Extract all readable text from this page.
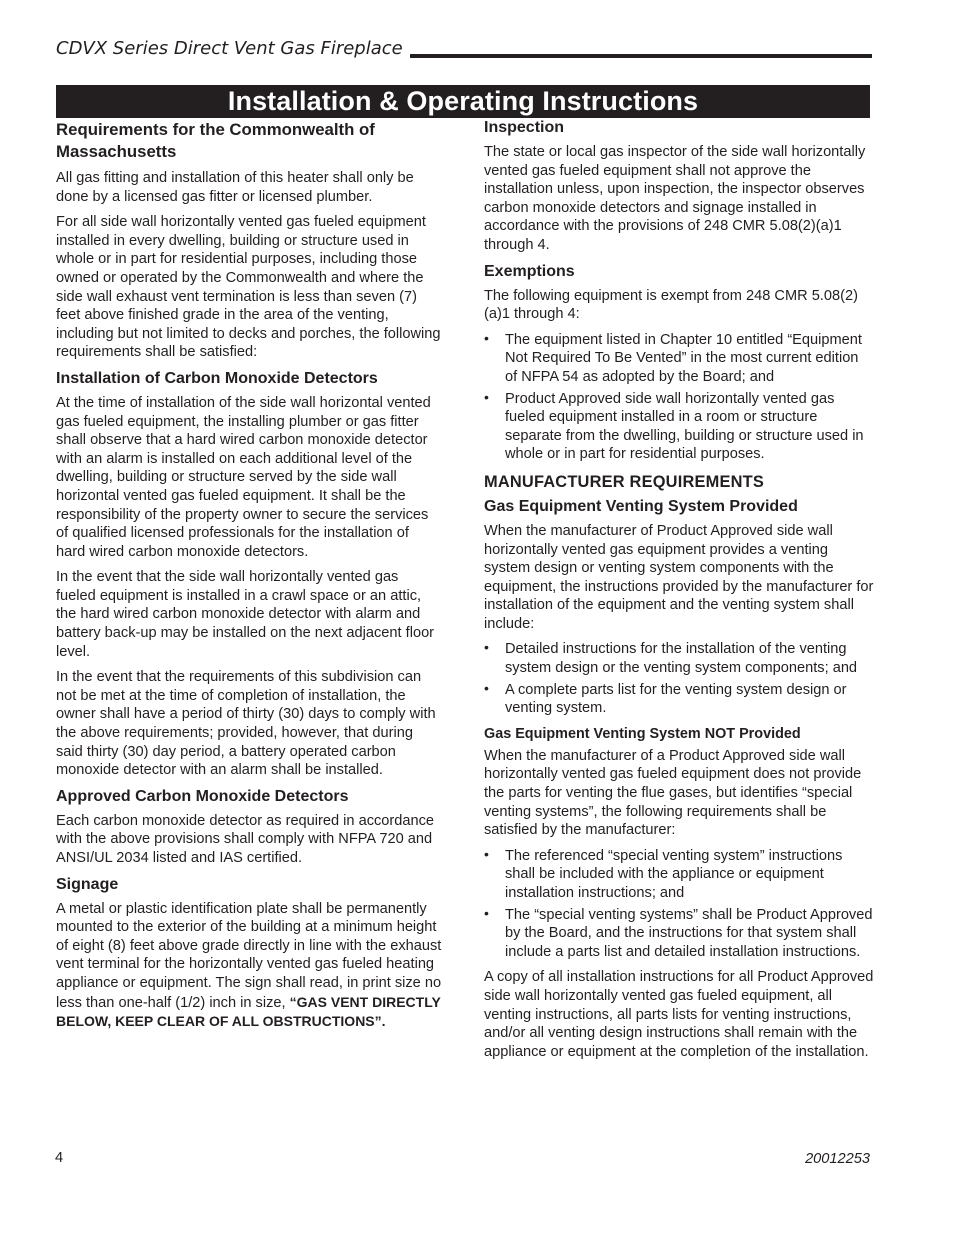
CDVX Series Direct Vent Gas Fireplace
Installation & Operating Instructions
Requirements for the Commonwealth of Massachusetts

All gas fitting and installation of this heater shall only be done by a licensed gas fitter or licensed plumber.

For all side wall horizontally vented gas fueled equipment installed in every dwelling, building or structure used in whole or in part for residential purposes, including those owned or operated by the Commonwealth and where the side wall exhaust vent termination is less than seven (7) feet above finished grade in the area of the venting, including but not limited to decks and porches, the following requirements shall be satisfied:

Installation of Carbon Monoxide Detectors

At the time of installation of the side wall horizontal vented gas fueled equipment, the installing plumber or gas fitter shall observe that a hard wired carbon monoxide detector with an alarm is installed on each additional level of the dwelling, building or structure served by the side wall horizontal vented gas fueled equipment. It shall be the responsibility of the property owner to secure the services of qualified licensed professionals for the installation of hard wired carbon monoxide detectors.

In the event that the side wall horizontally vented gas fueled equipment is installed in a crawl space or an attic, the hard wired carbon monoxide detector with alarm and battery back-up may be installed on the next adjacent floor level.

In the event that the requirements of this subdivision can not be met at the time of completion of installation, the owner shall have a period of thirty (30) days to comply with the above requirements; provided, however, that during said thirty (30) day period, a battery operated carbon monoxide detector with an alarm shall be installed.

Approved Carbon Monoxide Detectors

Each carbon monoxide detector as required in accordance with the above provisions shall comply with NFPA 720 and ANSI/UL 2034 listed and IAS certified.

Signage

A metal or plastic identification plate shall be permanently mounted to the exterior of the building at a minimum height of eight (8) feet above grade directly in line with the exhaust vent terminal for the horizontally vented gas fueled heating appliance or equipment. The sign shall read, in print size no less than one-half (1/2) inch in size, “GAS VENT DIRECTLY BELOW, KEEP CLEAR OF ALL OBSTRUCTIONS”.

Inspection

The state or local gas inspector of the side wall horizontally vented gas fueled equipment shall not approve the installation unless, upon inspection, the inspector observes carbon monoxide detectors and signage installed in accordance with the provisions of 248 CMR 5.08(2)(a)1 through 4.

Exemptions

The following equipment is exempt from 248 CMR 5.08(2)(a)1 through 4:

• The equipment listed in Chapter 10 entitled “Equipment Not Required To Be Vented” in the most current edition of NFPA 54 as adopted by the Board; and
• Product Approved side wall horizontally vented gas fueled equipment installed in a room or structure separate from the dwelling, building or structure used in whole or in part for residential purposes.
MANUFACTURER REQUIREMENTS
Gas Equipment Venting System Provided

When the manufacturer of Product Approved side wall horizontally vented gas equipment provides a venting system design or venting system components with the equipment, the instructions provided by the manufacturer for installation of the equipment and the venting system shall include:

• Detailed instructions for the installation of the venting system design or the venting system components; and
• A complete parts list for the venting system design or venting system.
Gas Equipment Venting System NOT Provided

When the manufacturer of a Product Approved side wall horizontally vented gas fueled equipment does not provide the parts for venting the flue gases, but identifies “special venting systems”, the following requirements shall be satisfied by the manufacturer:

• The referenced “special venting system” instructions shall be included with the appliance or equipment installation instructions; and
• The “special venting systems” shall be Product Approved by the Board, and the instructions for that system shall include a parts list and detailed installation instructions.

A copy of all installation instructions for all Product Approved side wall horizontally vented gas fueled equipment, all venting instructions, all parts lists for venting instructions, and/or all venting design instructions shall remain with the appliance or equipment at the completion of the installation.

4	20012253
